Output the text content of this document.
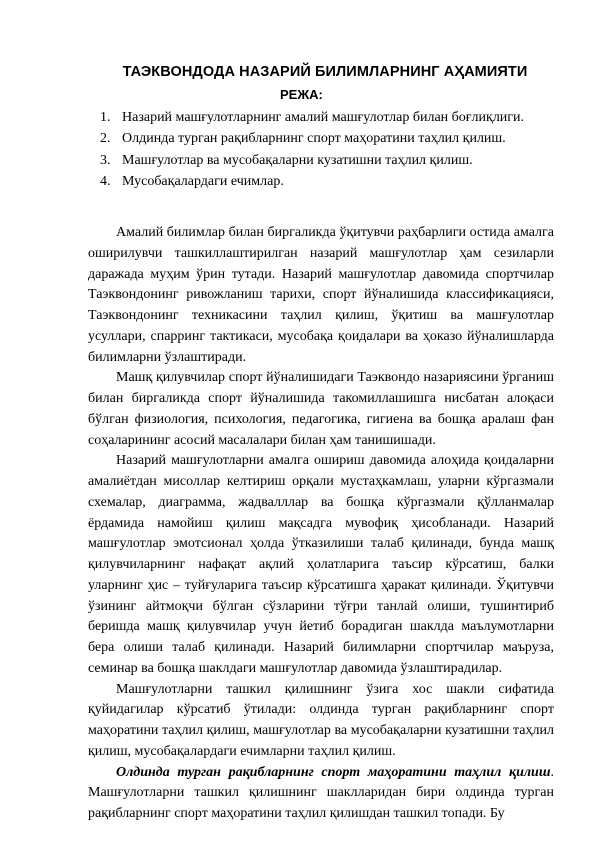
ТАЭКВОНДОДА НАЗАРИЙ БИЛИМЛАРНИНГ АҲАМИЯТИ
РЕЖА:
1. Назарий машғулотларнинг амалий машғулотлар билан боғлиқлиги.
2. Олдинда турган рақибларнинг спорт маҳоратини таҳлил қилиш.
3. Машғулотлар ва мусобақаларни кузатишни таҳлил қилиш.
4. Мусобақалардаги ечимлар.

Амалий билимлар билан биргаликда ўқитувчи раҳбарлиги остида амалга оширилувчи ташкиллаштирилган назарий машғулотлар ҳам сезиларли даражада муҳим ўрин тутади. Назарий машғулотлар давомида спортчилар Таэквондонинг ривожланиш тарихи, спорт йўналишида классификацияси, Таэквондонинг техникасини таҳлил қилиш, ўқитиш ва машғулотлар усуллари, спарринг тактикаси, мусобақа қоидалари ва ҳоказо йўналишларда билимларни ўзлаштиради.

Машқ қилувчилар спорт йўналишидаги Таэквондо назариясини ўрганиш билан биргаликда спорт йўналишида такомиллашишга нисбатан алоқаси бўлган физиология, психология, педагогика, гигиена ва бошқа аралаш фан соҳаларининг асосий масалалари билан ҳам танишишади.

Назарий машғулотларни амалга ошириш давомида алоҳида қоидаларни амалиётдан мисоллар келтириш орқали мустаҳкамлаш, уларни кўргазмали схемалар, диаграмма, жадвалллар ва бошқа кўргазмали қўлланмалар ёрдамида намойиш қилиш мақсадга мувофиқ ҳисобланади. Назарий машғулотлар эмотсионал ҳолда ўтказилиши талаб қилинади, бунда машқ қилувчиларнинг нафақат ақлий ҳолатларига таъсир кўрсатиш, балки уларнинг ҳис – туйғуларига таъсир кўрсатишга ҳаракат қилинади. Ўқитувчи ўзининг айтмоқчи бўлган сўзларини тўғри танлай олиши, тушинтириб беришда машқ қилувчилар учун йетиб борадиган шаклда маълумотларни бера олиши талаб қилинади. Назарий билимларни спортчилар маъруза, семинар ва бошқа шаклдаги машғулотлар давомида ўзлаштирадилар.

Машғулотларни ташкил қилишнинг ўзига хос шакли сифатида қуйидагилар кўрсатиб ўтилади: олдинда турган рақибларнинг спорт маҳоратини таҳлил қилиш, машғулотлар ва мусобақаларни кузатишни таҳлил қилиш, мусобақалардаги ечимларни таҳлил қилиш.

Олдинда турган рақибларнинг спорт маҳоратини таҳлил қилиш. Машғулотларни ташкил қилишнинг шаклларидан бири олдинда турган рақибларнинг спорт маҳоратини таҳлил қилишдан ташкил топади. Бу
